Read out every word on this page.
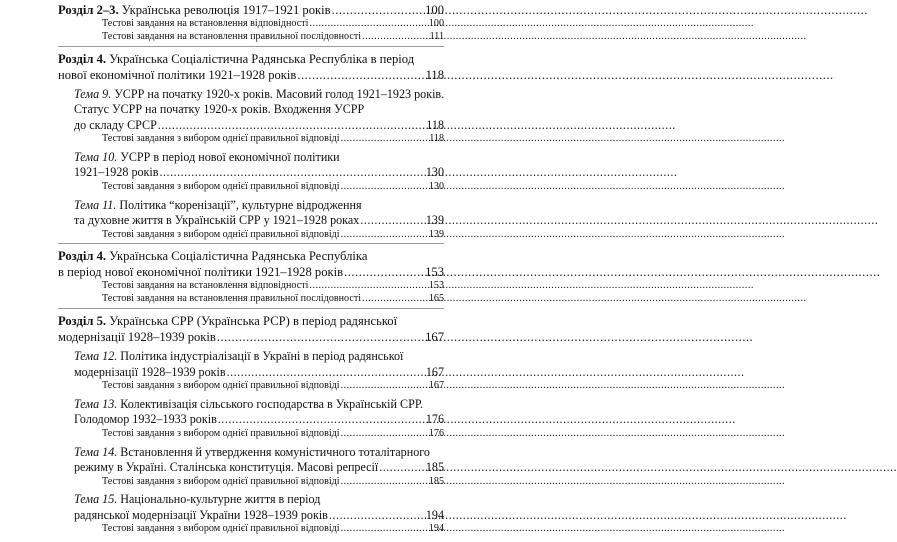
Розділ 2–3. Українська революція 1917–1921 років .....	100
Тестові завдання на встановлення відповідності .....	100
Тестові завдання на встановлення правильної послідовності .....	111
Розділ 4. Українська Соціалістична Радянська Республіка в період
нової економічної політики 1921–1928 років .....	118
Тема 9. УСРР на початку 1920-х років. Масовий голод 1921–1923 років.
Статус УСРР на початку 1920-х років. Входження УСРР
до складу СРСР .....	118
Тестові завдання з вибором однієї правильної відповіді .....	118
Тема 10. УСРР в період нової економічної політики
1921–1928 років .....	130
Тестові завдання з вибором однієї правильної відповіді .....	130
Тема 11. Політика “коренізації”, культурне відродження
та духовне життя в Українській СРР у 1921–1928 роках .....	139
Тестові завдання з вибором однієї правильної відповіді .....	139
Розділ 4. Українська Соціалістична Радянська Республіка
в період нової економічної політики 1921–1928 років .....	153
Тестові завдання на встановлення відповідності .....	153
Тестові завдання на встановлення правильної послідовності .....	165
Розділ 5. Українська СРР (Українська РСР) в період радянської
модернізації 1928–1939 років .....	167
Тема 12. Політика індустріалізації в Україні в період радянської
модернізації 1928–1939 років .....	167
Тестові завдання з вибором однієї правильної відповіді .....	167
Тема 13. Колективізація сільського господарства в Українській СРР.
Голодомор 1932–1933 років .....	176
Тестові завдання з вибором однієї правильної відповіді .....	176
Тема 14. Встановлення й утвердження комуністичного тоталітарного
режиму в Україні. Сталінська конституція. Масові репресії .....	185
Тестові завдання з вибором однієї правильної відповіді .....	185
Тема 15. Національно-культурне життя в період
радянської модернізації України 1928–1939 років .....	194
Тестові завдання з вибором однієї правильної відповіді .....	194
